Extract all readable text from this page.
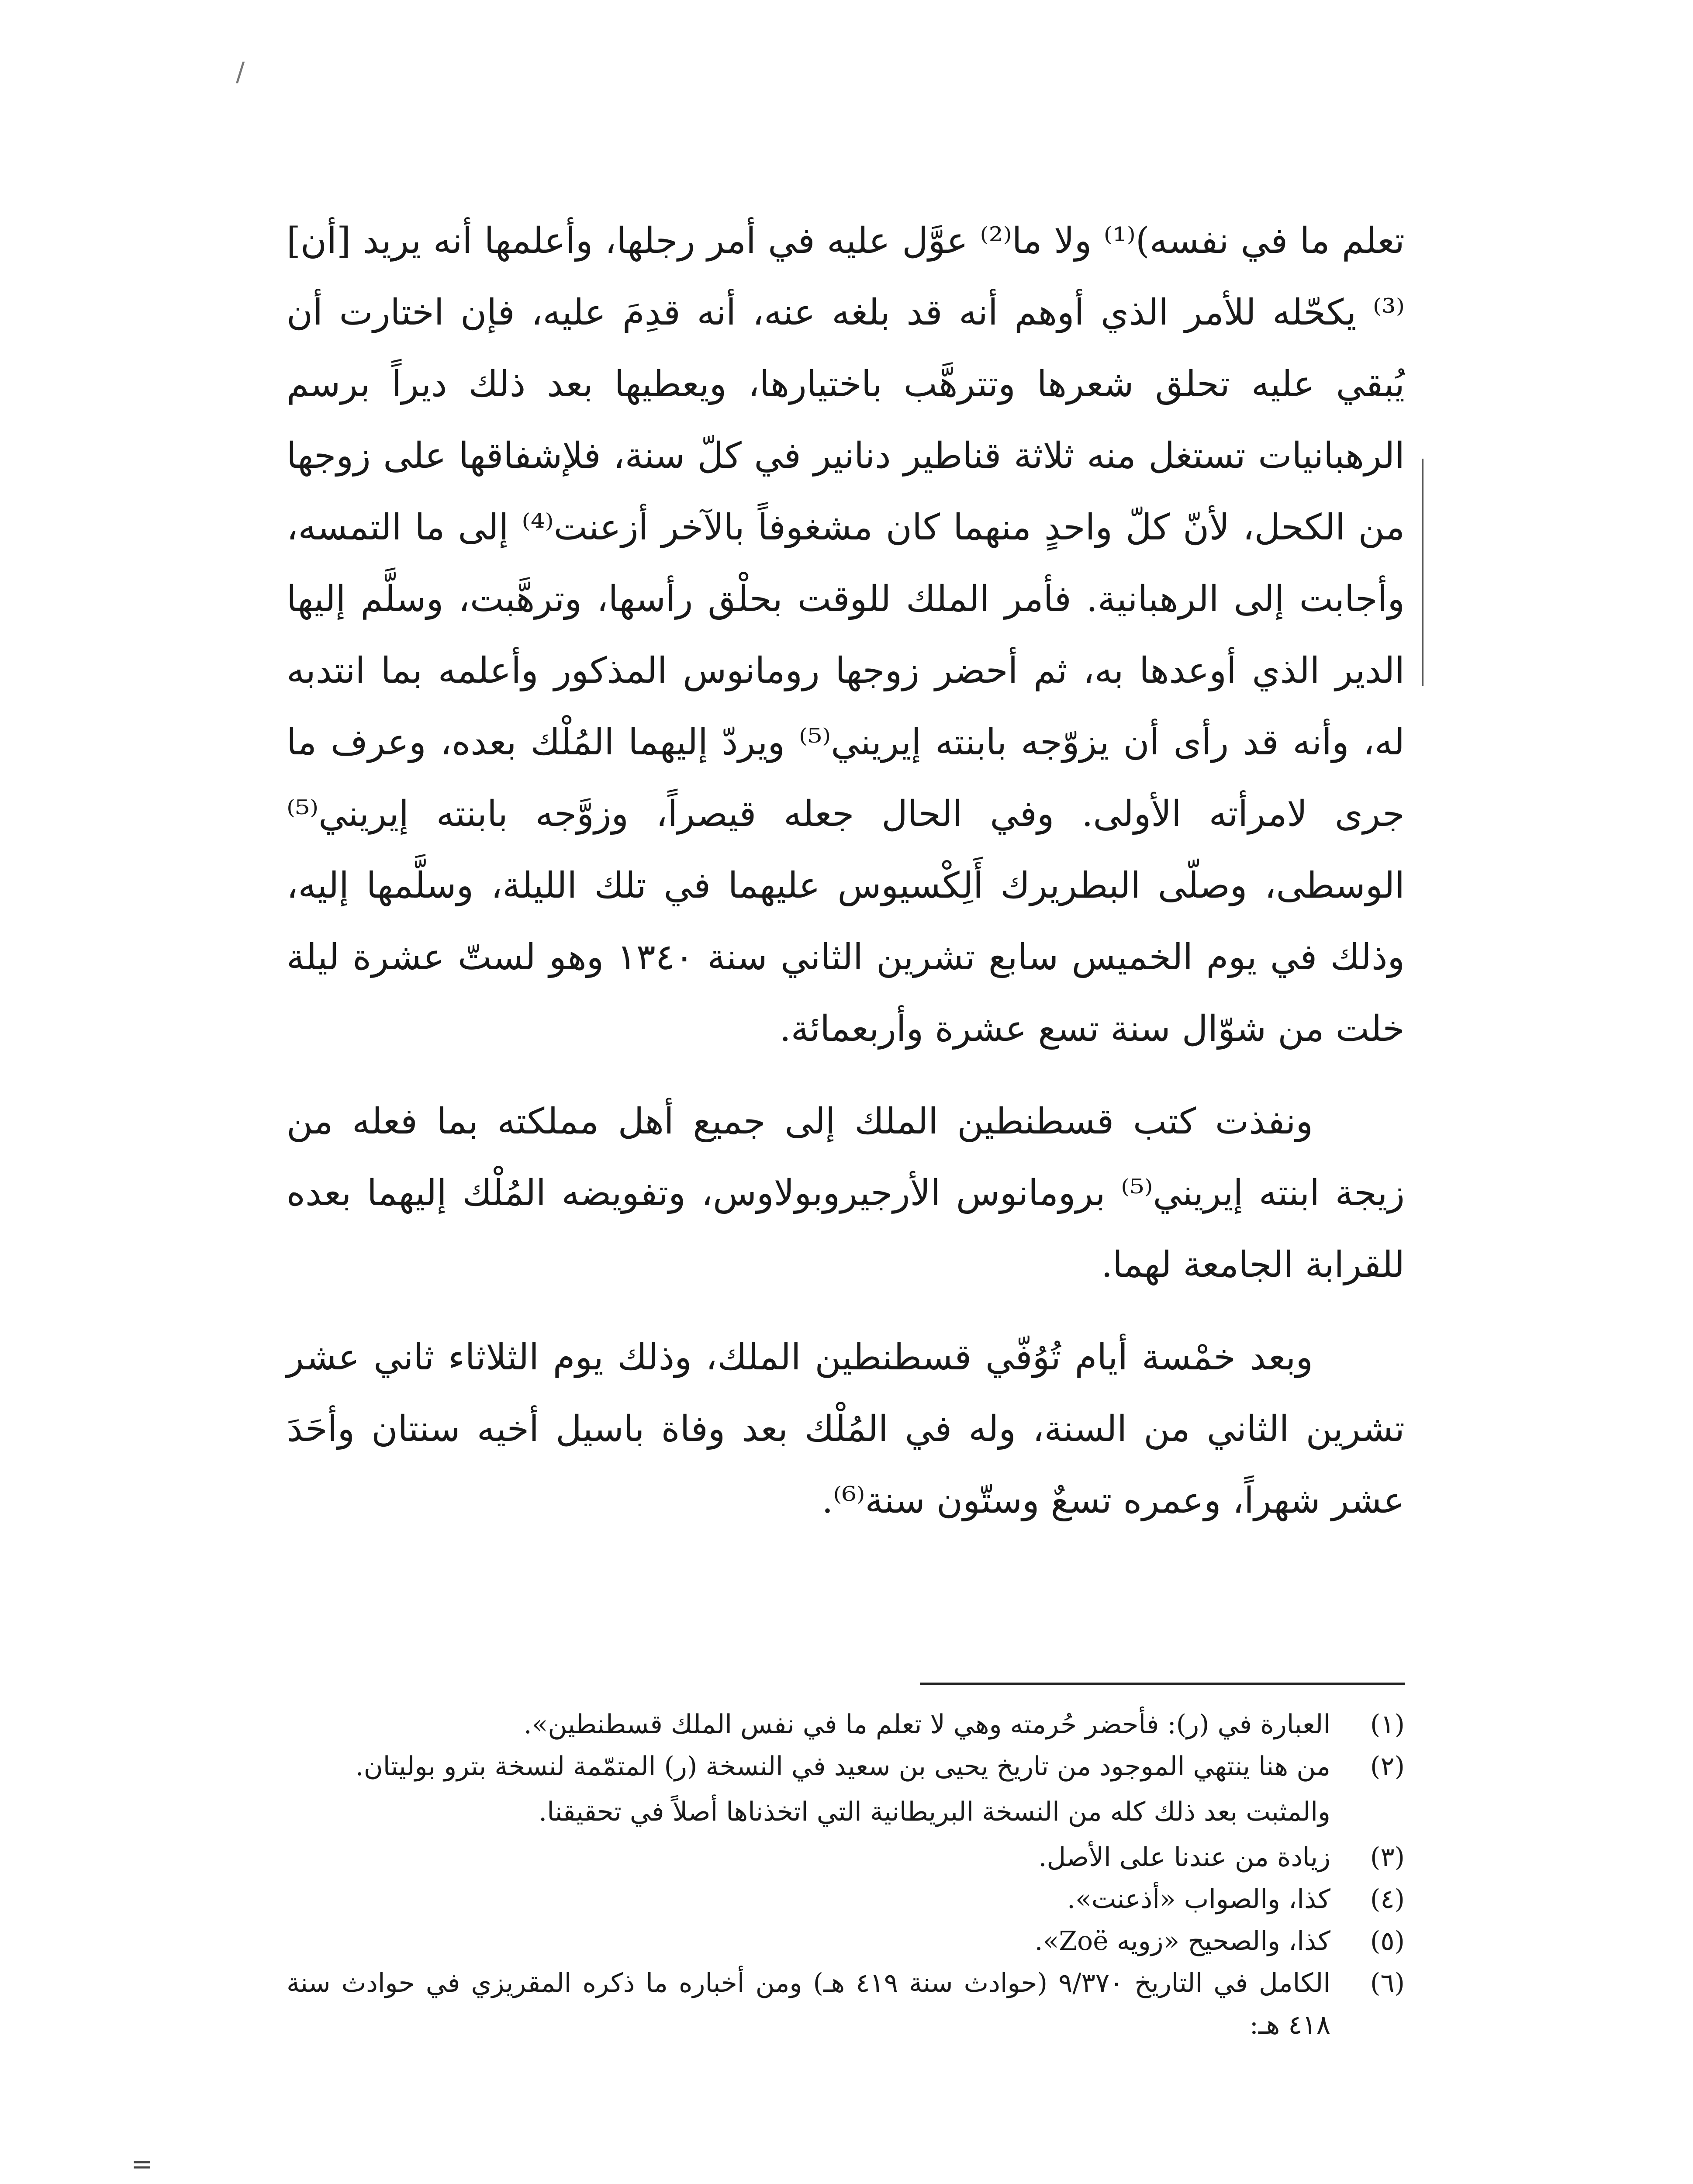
/

تعلم ما في نفسه)⁽¹⁾ ولا ما⁽²⁾ عوَّل عليه في أمر رجلها، وأعلمها أنه يريد [أن]⁽³⁾ يكحّله للأمر الذي أوهم أنه قد بلغه عنه، أنه قدِمَ عليه، فإن اختارت أن يُبقي عليه تحلق شعرها وتترهَّب باختيارها، ويعطيها بعد ذلك ديراً برسم الرهبانيات تستغل منه ثلاثة قناطير دنانير في كلّ سنة، فلإشفاقها على زوجها من الكحل، لأنّ كلّ واحدٍ منهما كان مشغوفاً بالآخر أزعنت⁽⁴⁾ إلى ما التمسه، وأجابت إلى الرهبانية. فأمر الملك للوقت بحلْق رأسها، وترهَّبت، وسلَّم إليها الدير الذي أوعدها به، ثم أحضر زوجها رومانوس المذكور وأعلمه بما انتدبه له، وأنه قد رأى أن يزوّجه بابنته إيريني⁽⁵⁾ ويردّ إليهما المُلْك بعده، وعرف ما جرى لامرأته الأولى. وفي الحال جعله قيصراً، وزوَّجه بابنته إيريني⁽⁵⁾ الوسطى، وصلّى البطريرك أَلِكْسيوس عليهما في تلك الليلة، وسلَّمها إليه، وذلك في يوم الخميس سابع تشرين الثاني سنة ١٣٤٠ وهو لستّ عشرة ليلة خلت من شوّال سنة تسع عشرة وأربعمائة.

ونفذت كتب قسطنطين الملك إلى جميع أهل مملكته بما فعله من زيجة ابنته إيريني⁽⁵⁾ برومانوس الأرجيروبولاوس، وتفويضه المُلْك إليهما بعده للقرابة الجامعة لهما.

وبعد خمْسة أيام تُوُفّي قسطنطين الملك، وذلك يوم الثلاثاء ثاني عشر تشرين الثاني من السنة، وله في المُلْك بعد وفاة باسيل أخيه سنتان وأحَدَ عشر شهراً، وعمره تسعٌ وستّون سنة⁽⁶⁾.

(١)
العبارة في (ر): فأحضر حُرمته وهي لا تعلم ما في نفس الملك قسطنطين».
(٢)
من هنا ينتهي الموجود من تاريخ يحيى بن سعيد في النسخة (ر) المتمّمة لنسخة بترو بوليتان.
والمثبت بعد ذلك كله من النسخة البريطانية التي اتخذناها أصلاً في تحقيقنا.
(٣)
زيادة من عندنا على الأصل.
(٤)
كذا، والصواب «أذعنت».
(٥)
كذا، والصحيح «زويه Zoë».
(٦)
الكامل في التاريخ ٩/٣٧٠ (حوادث سنة ٤١٩ هـ) ومن أخباره ما ذكره المقريزي في حوادث سنة ٤١٨ هـ:
=
